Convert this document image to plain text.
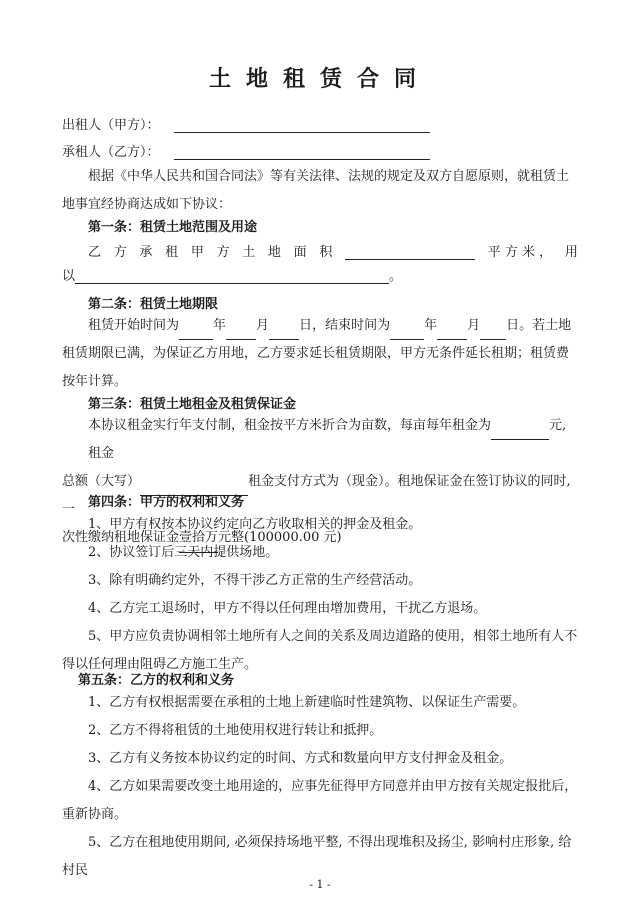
土地租赁合同
出租人（甲方）：
承租人（乙方）：
根据《中华人民共和国合同法》等有关法律、法规的规定及双方自愿原则，就租赁土地事宜经协商达成如下协议：
第一条：租赁土地范围及用途
乙 方 承 租 甲 方 土 地 面 积	平 方 米 ， 用
以	。
第二条：租赁土地期限
租赁开始时间为	年 月 日，结束时间为	年 月 日。若土地
租赁期限已满，为保证乙方用地，乙方要求延长租赁期限，甲方无条件延长租期；租赁费按年计算。
第三条：租赁土地租金及租赁保证金
本协议租金实行年支付制，租金按平方米折合为亩数，每亩每年租金为	元, 租金
总额（大写）	租金支付方式为（现金）。租地保证金在签订协议的同时,一
次性缴纳租地保证金壹拾万元整(100000.00 元)
第四条：甲方的权利和义务
1、甲方有权按本协议约定向乙方收取相关的押金及租金。
2、协议签订后三天内提供场地。
3、除有明确约定外，不得干涉乙方正常的生产经营活动。
4、乙方完工退场时，甲方不得以任何理由增加费用，干扰乙方退场。
5、甲方应负责协调相邻土地所有人之间的关系及周边道路的使用，相邻土地所有人不得以任何理由阻碍乙方施工生产。
第五条：乙方的权利和义务
1、乙方有权根据需要在承租的土地上新建临时性建筑物、以保证生产需要。
2、乙方不得将租赁的土地使用权进行转让和抵押。
3、乙方有义务按本协议约定的时间、方式和数量向甲方支付押金及租金。
4、乙方如果需要改变土地用途的，应事先征得甲方同意并由甲方按有关规定报批后，重新协商。
5、乙方在租地使用期间, 必须保持场地平整, 不得出现堆积及扬尘, 影响村庄形象, 给村民
- 1 -
